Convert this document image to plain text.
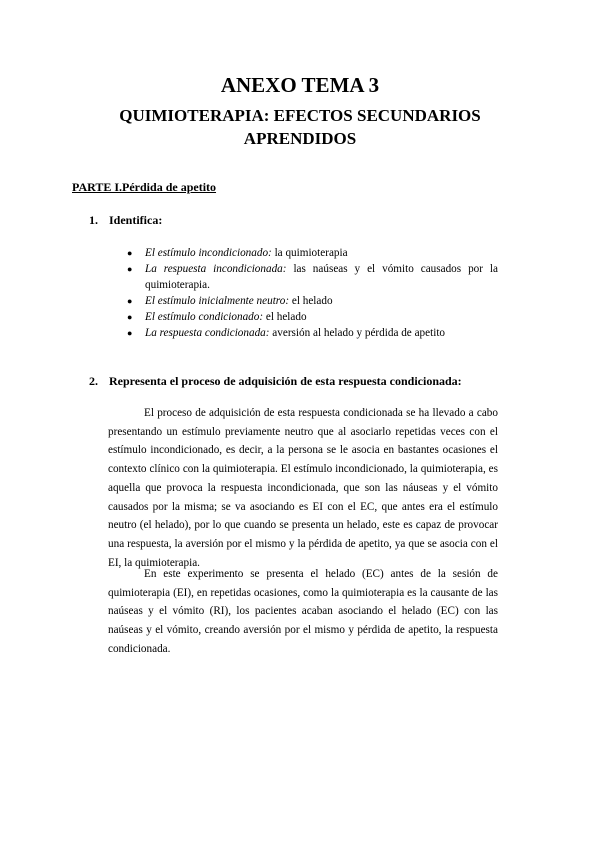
ANEXO TEMA 3
QUIMIOTERAPIA: EFECTOS SECUNDARIOS
APRENDIDOS

PARTE I.Pérdida de apetito

1. Identifica:

● El estímulo incondicionado: la quimioterapia
● La respuesta incondicionada: las naúseas y el vómito causados por la quimioterapia.
● El estímulo inicialmente neutro: el helado
● El estímulo condicionado: el helado
● La respuesta condicionada: aversión al helado y pérdida de apetito

2. Representa el proceso de adquisición de esta respuesta condicionada:

El proceso de adquisición de esta respuesta condicionada se ha llevado a cabo presentando un estímulo previamente neutro que al asociarlo repetidas veces con el estímulo incondicionado, es decir, a la persona se le asocia en bastantes ocasiones el contexto clínico con la quimioterapia. El estímulo incondicionado, la quimioterapia, es aquella que provoca la respuesta incondicionada, que son las náuseas y el vómito causados por la misma; se va asociando es EI con el EC, que antes era el estímulo neutro (el helado), por lo que cuando se presenta un helado, este es capaz de provocar una respuesta, la aversión por el mismo y la pérdida de apetito, ya que se asocia con el EI, la quimioterapia.

En este experimento se presenta el helado (EC) antes de la sesión de quimioterapia (EI), en repetidas ocasiones, como la quimioterapia es la causante de las naúseas y el vómito (RI), los pacientes acaban asociando el helado (EC) con las naúseas y el vómito, creando aversión por el mismo y pérdida de apetito, la respuesta condicionada.
